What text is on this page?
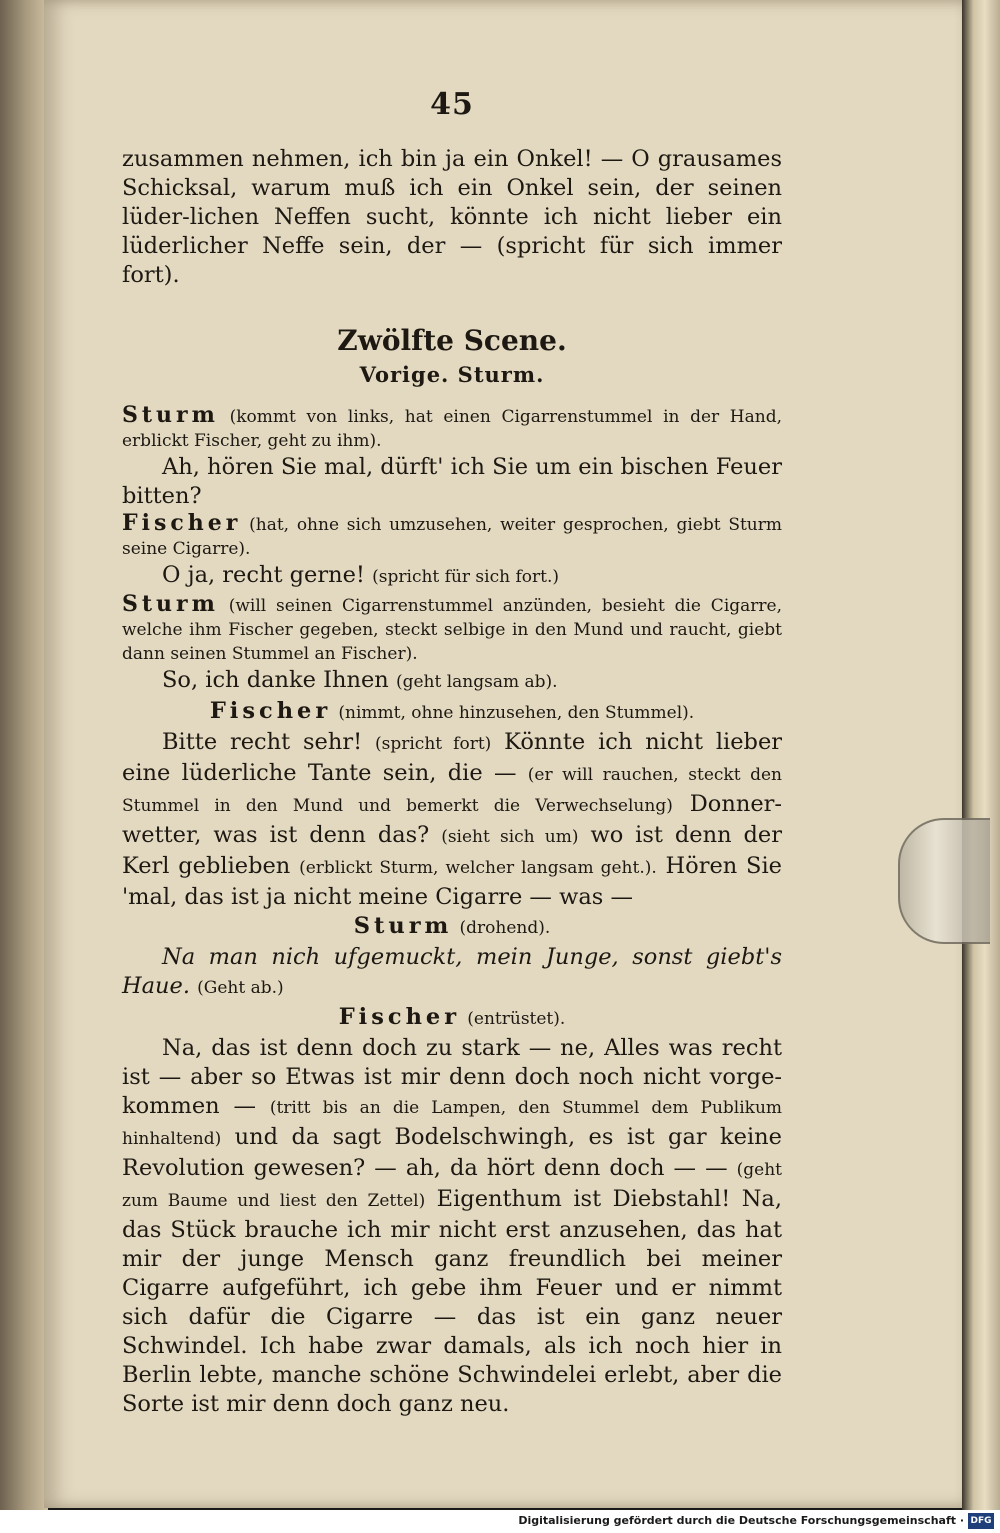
45

zusammen nehmen, ich bin ja ein Onkel! — O grausames Schicksal, warum muß ich ein Onkel sein, der seinen lüder-lichen Neffen sucht, könnte ich nicht lieber ein lüderlicher Neffe sein, der — (spricht für sich immer fort).

Zwölfte Scene.
Vorige. Sturm.

Sturm (kommt von links, hat einen Cigarrenstummel in der Hand, erblickt Fischer, geht zu ihm).

Ah, hören Sie mal, dürft' ich Sie um ein bischen Feuer bitten?

Fischer (hat, ohne sich umzusehen, weiter gesprochen, giebt Sturm seine Cigarre).

O ja, recht gerne! (spricht für sich fort.)

Sturm (will seinen Cigarrenstummel anzünden, besieht die Cigarre, welche ihm Fischer gegeben, steckt selbige in den Mund und raucht, giebt dann seinen Stummel an Fischer).

So, ich danke Ihnen (geht langsam ab).

Fischer (nimmt, ohne hinzusehen, den Stummel).

Bitte recht sehr! (spricht fort) Könnte ich nicht lieber eine lüderliche Tante sein, die — (er will rauchen, steckt den Stummel in den Mund und bemerkt die Verwechselung) Donner-wetter, was ist denn das? (sieht sich um) wo ist denn der Kerl geblieben (erblickt Sturm, welcher langsam geht.). Hören Sie 'mal, das ist ja nicht meine Cigarre — was —

Sturm (drohend).

Na man nich ufgemuckt, mein Junge, sonst giebt's Haue. (Geht ab.)

Fischer (entrüstet).

Na, das ist denn doch zu stark — ne, Alles was recht ist — aber so Etwas ist mir denn doch noch nicht vorge-kommen — (tritt bis an die Lampen, den Stummel dem Publikum hinhaltend) und da sagt Bodelschwingh, es ist gar keine Revolution gewesen? — ah, da hört denn doch — — (geht zum Baume und liest den Zettel) Eigenthum ist Diebstahl! Na, das Stück brauche ich mir nicht erst anzusehen, das hat mir der junge Mensch ganz freundlich bei meiner Cigarre aufgeführt, ich gebe ihm Feuer und er nimmt sich dafür die Cigarre — das ist ein ganz neuer Schwindel. Ich habe zwar damals, als ich noch hier in Berlin lebte, manche schöne Schwindelei erlebt, aber die Sorte ist mir denn doch ganz neu.

Digitalisierung gefördert durch die Deutsche Forschungsgemeinschaft · DFG
